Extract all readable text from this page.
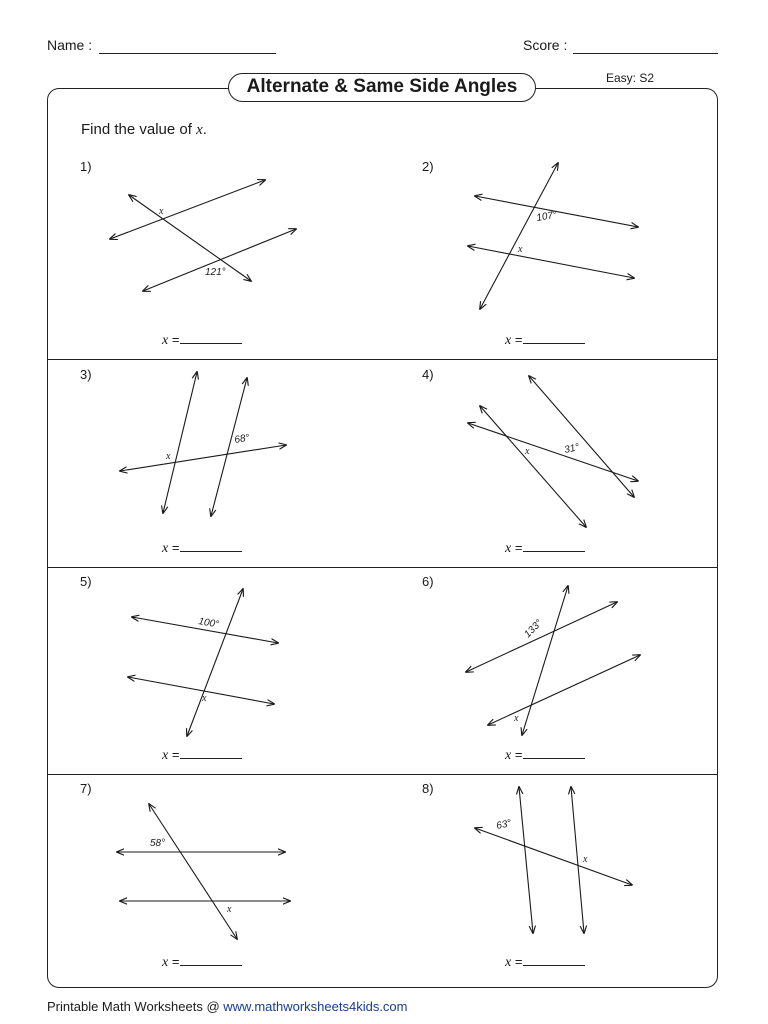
Name :	Score :
Alternate & Same Side Angles	Easy: S2
Find the value of x.
1)	2)
3)	4)
5)	6)
7)	8)
x =	x =
x =	x =
x =	x =
x =	x =
x
121°
107°
x
68°
x
31°
x
100°
x
133°
x
58°
x
63°
x
Printable Math Worksheets @ www.mathworksheets4kids.com
